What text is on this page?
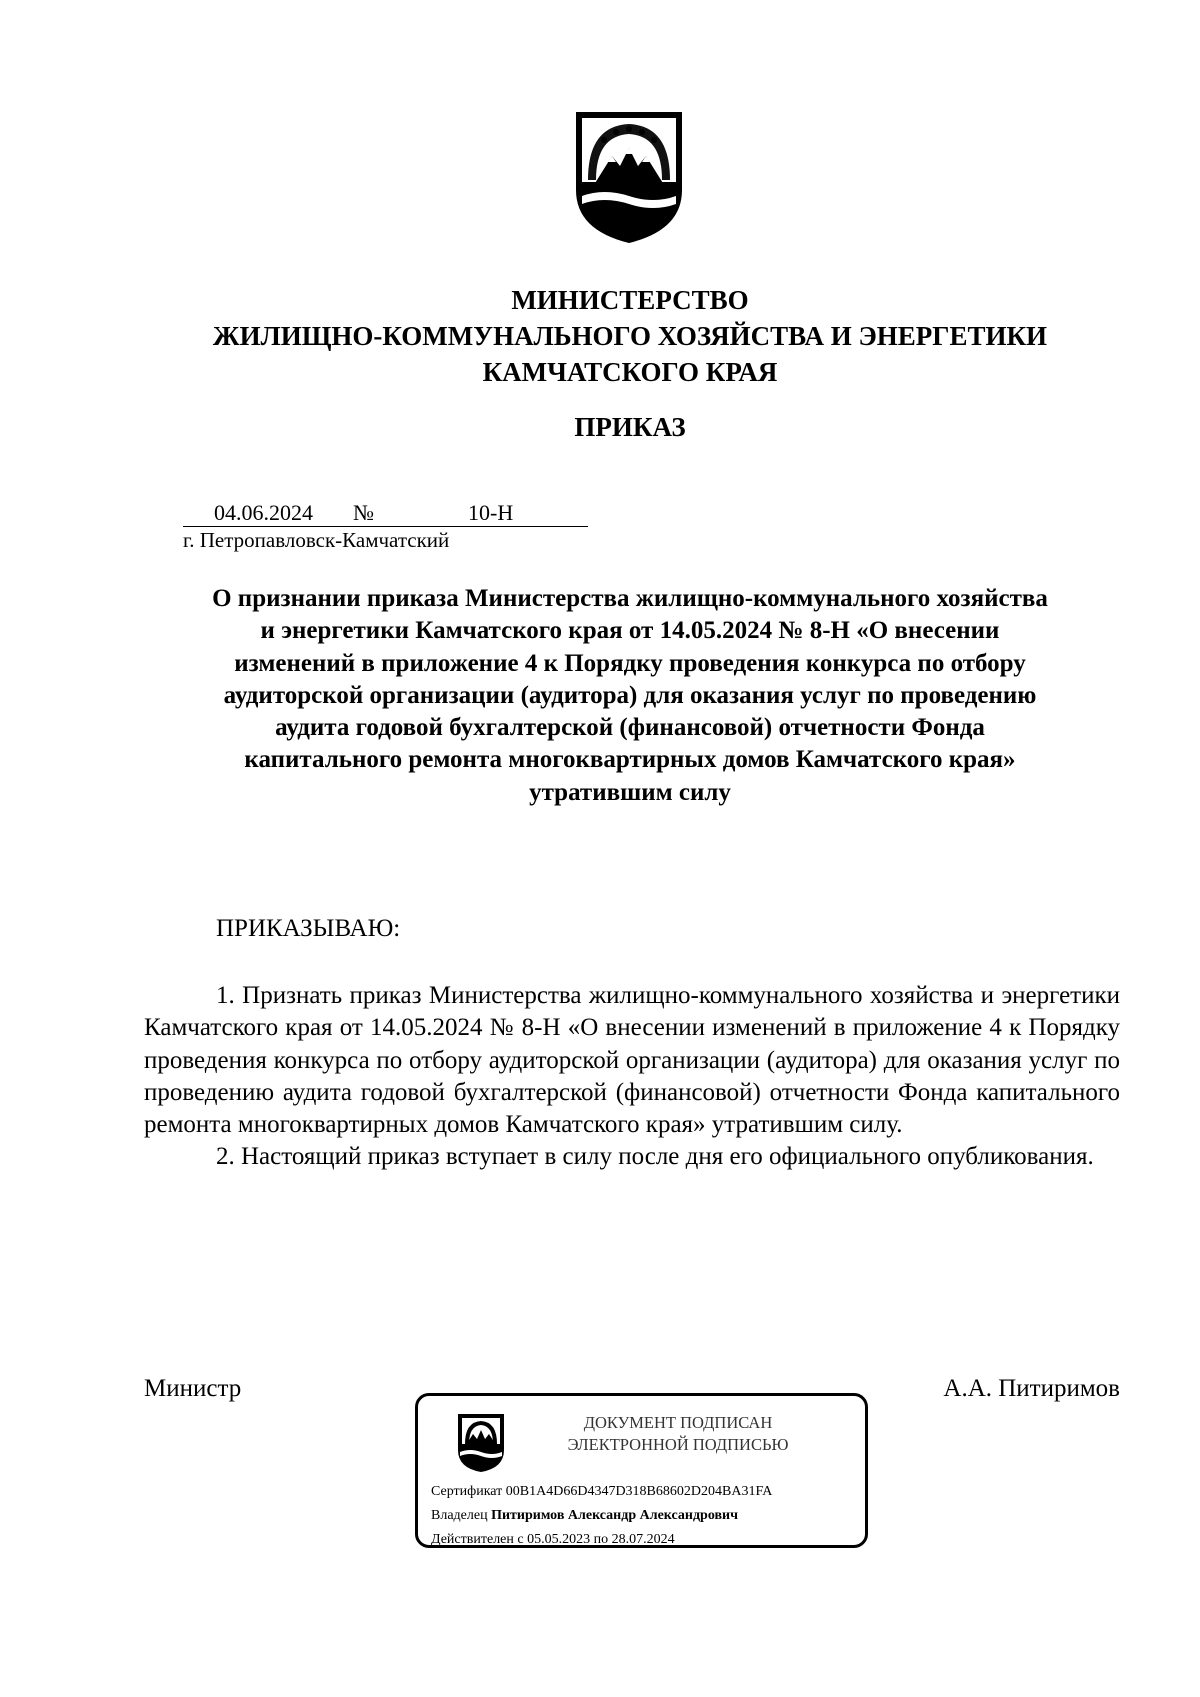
МИНИСТЕРСТВО
ЖИЛИЩНО-КОММУНАЛЬНОГО ХОЗЯЙСТВА И ЭНЕРГЕТИКИ
КАМЧАТСКОГО КРАЯ
ПРИКАЗ
04.06.2024 №	10-Н
г. Петропавловск-Камчатский
О признании приказа Министерства жилищно-коммунального хозяйства
и энергетики Камчатского края от 14.05.2024 № 8-Н «О внесении
изменений в приложение 4 к Порядку проведения конкурса по отбору
аудиторской организации (аудитора) для оказания услуг по проведению
аудита годовой бухгалтерской (финансовой) отчетности Фонда
капитального ремонта многоквартирных домов Камчатского края»
утратившим силу
ПРИКАЗЫВАЮ:

1. Признать приказ Министерства жилищно-коммунального хозяйства и энергетики Камчатского края от 14.05.2024 № 8-Н «О внесении изменений в приложение 4 к Порядку проведения конкурса по отбору аудиторской организации (аудитора) для оказания услуг по проведению аудита годовой бухгалтерской (финансовой) отчетности Фонда капитального ремонта многоквартирных домов Камчатского края» утратившим силу.

2. Настоящий приказ вступает в силу после дня его официального опубликования.

Министр	А.А. Питиримов
ДОКУМЕНТ ПОДПИСАН
ЭЛЕКТРОННОЙ ПОДПИСЬЮ
Сертификат 00B1A4D66D4347D318B68602D204BA31FA
Владелец Питиримов Александр Александрович
Действителен с 05.05.2023 по 28.07.2024
